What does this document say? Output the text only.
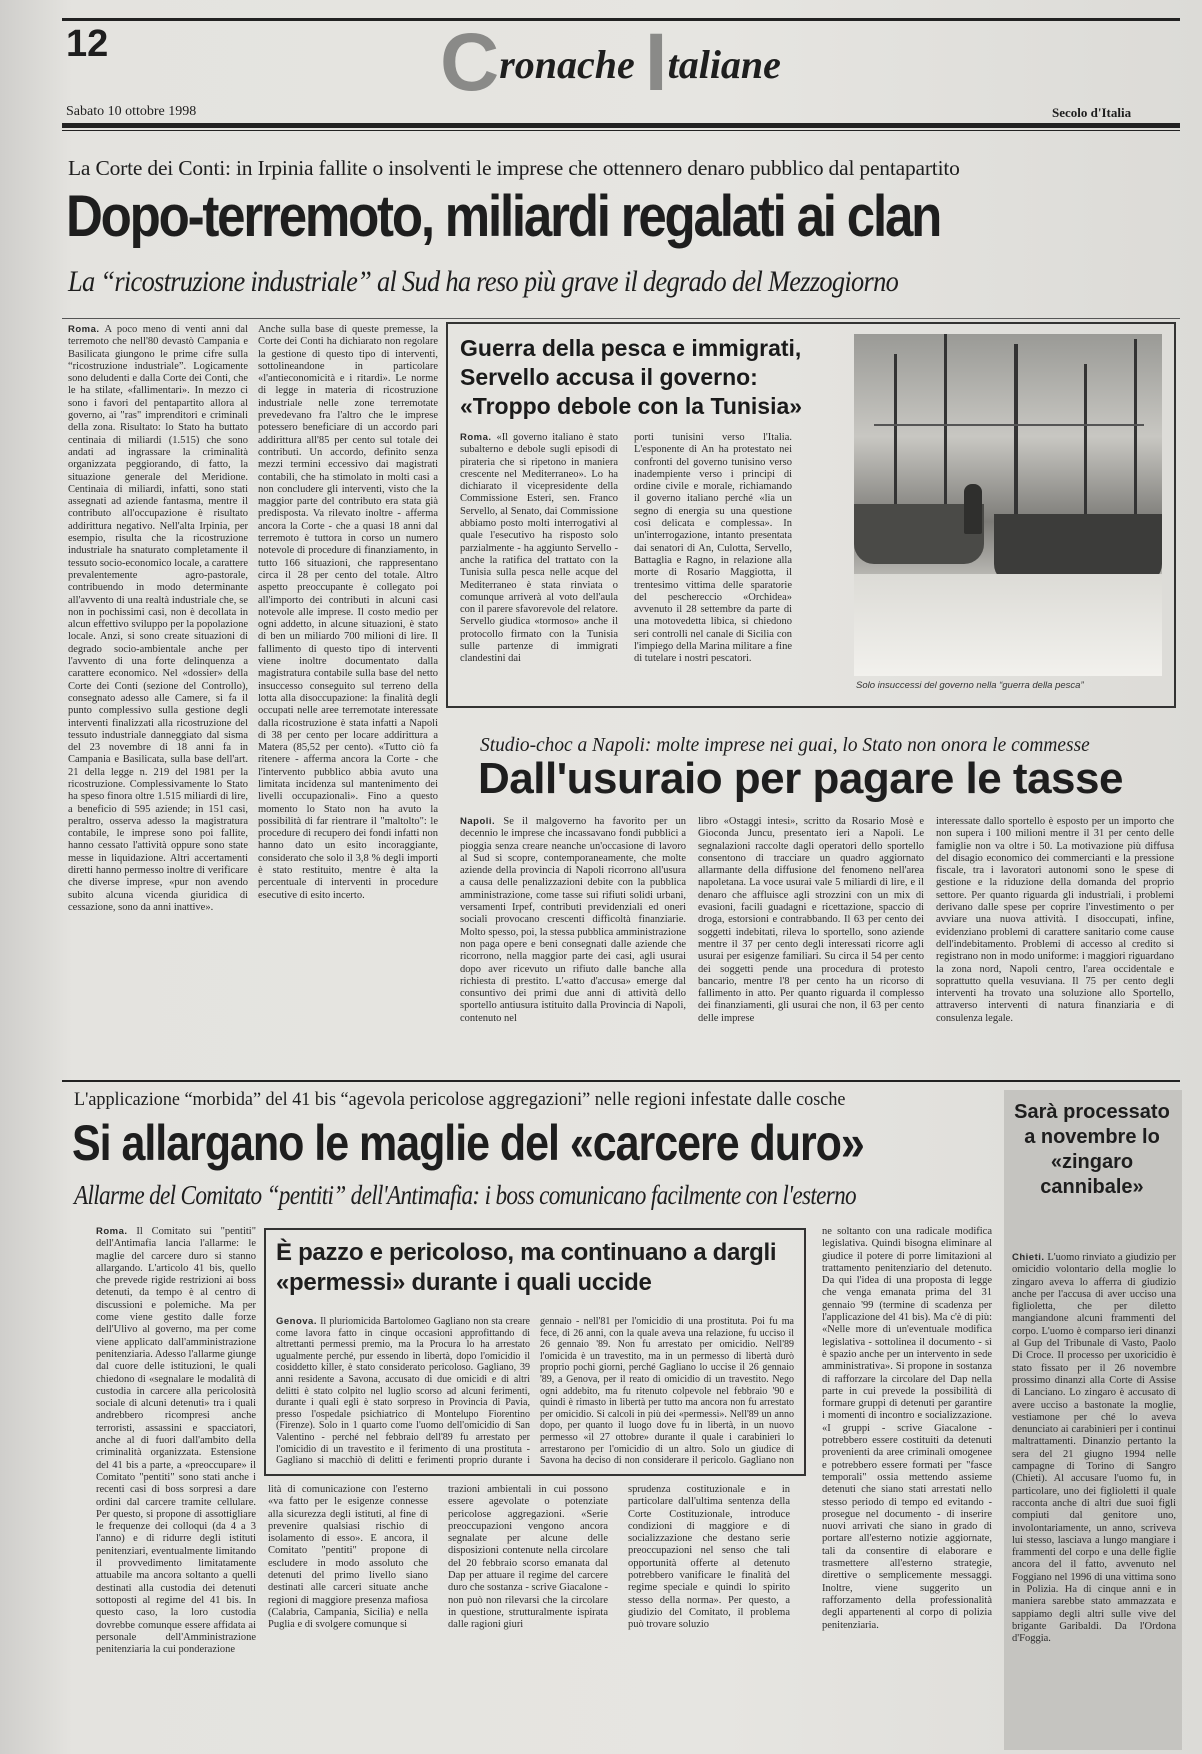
12	Cronache Italiane
Sabato 10 ottobre 1998	Secolo d'Italia
La Corte dei Conti: in Irpinia fallite o insolventi le imprese che ottennero denaro pubblico dal pentapartito
Dopo-terremoto, miliardi regalati ai clan
La “ricostruzione industriale” al Sud ha reso più grave il degrado del Mezzogiorno
Roma. A poco meno di venti anni dal terremoto che nell'80 devastò Campania e Basilicata giungono le prime cifre sulla “ricostruzione industriale”. Logicamente sono deludenti e dalla Corte dei Conti, che le ha stilate, «fallimentari». In mezzo ci sono i favori del pentapartito allora al governo, ai "ras" imprenditori e criminali della zona. Risultato: lo Stato ha buttato centinaia di miliardi (1.515) che sono andati ad ingrassare la criminalità organizzata peggiorando, di fatto, la situazione generale del Meridione. Centinaia di miliardi, infatti, sono stati assegnati ad aziende fantasma, mentre il contributo all'occupazione è risultato addirittura negativo. Nell'alta Irpinia, per esempio, risulta che la ricostruzione industriale ha snaturato completamente il tessuto socio-economico locale, a carattere prevalentemente agro-pastorale, contribuendo in modo determinante all'avvento di una realtà industriale che, se non in pochissimi casi, non è decollata in alcun effettivo sviluppo per la popolazione locale. Anzi, si sono create situazioni di degrado socio-ambientale anche per l'avvento di una forte delinquenza a carattere economico. Nel «dossier» della Corte dei Conti (sezione del Controllo), consegnato adesso alle Camere, si fa il punto complessivo sulla gestione degli interventi finalizzati alla ricostruzione del tessuto industriale danneggiato dal sisma del 23 novembre di 18 anni fa in Campania e Basilicata, sulla base dell'art. 21 della legge n. 219 del 1981 per la ricostruzione. Complessivamente lo Stato ha speso finora oltre 1.515 miliardi di lire, a beneficio di 595 aziende; in 151 casi, peraltro, osserva adesso la magistratura contabile, le imprese sono poi fallite, hanno cessato l'attività oppure sono state messe in liquidazione. Altri accertamenti diretti hanno permesso inoltre di verificare che diverse imprese, «pur non avendo subito alcuna vicenda giuridica di cessazione, sono da anni inattive».
Anche sulla base di queste premesse, la Corte dei Conti ha dichiarato non regolare la gestione di questo tipo di interventi, sottolineandone in particolare «l'antieconomicità e i ritardi». Le norme di legge in materia di ricostruzione industriale nelle zone terremotate prevedevano fra l'altro che le imprese potessero beneficiare di un accordo pari addirittura all'85 per cento sul totale dei contributi. Un accordo, definito senza mezzi termini eccessivo dai magistrati contabili, che ha stimolato in molti casi a non concludere gli interventi, visto che la maggior parte del contributo era stata già predisposta. Va rilevato inoltre - afferma ancora la Corte - che a quasi 18 anni dal terremoto è tuttora in corso un numero notevole di procedure di finanziamento, in tutto 166 situazioni, che rappresentano circa il 28 per cento del totale. Altro aspetto preoccupante è collegato poi all'importo dei contributi in alcuni casi notevole alle imprese. Il costo medio per ogni addetto, in alcune situazioni, è stato di ben un miliardo 700 milioni di lire. Il fallimento di questo tipo di interventi viene inoltre documentato dalla magistratura contabile sulla base del netto insuccesso conseguito sul terreno della lotta alla disoccupazione: la finalità degli occupati nelle aree terremotate interessate dalla ricostruzione è stata infatti a Napoli di 38 per cento per locare addirittura a Matera (85,52 per cento). «Tutto ciò fa ritenere - afferma ancora la Corte - che l'intervento pubblico abbia avuto una limitata incidenza sul mantenimento dei livelli occupazionali». Fino a questo momento lo Stato non ha avuto la possibilità di far rientrare il "maltolto": le procedure di recupero dei fondi infatti non hanno dato un esito incoraggiante, considerato che solo il 3,8 % degli importi è stato restituito, mentre è alta la percentuale di interventi in procedure esecutive di esito incerto.
Guerra della pesca e immigrati, Servello accusa il governo: «Troppo debole con la Tunisia»
Roma. «Il governo italiano è stato subalterno e debole sugli episodi di pirateria che si ripetono in maniera crescente nel Mediterraneo». Lo ha dichiarato il vicepresidente della Commissione Esteri, sen. Franco Servello, al Senato, dai Commissione abbiamo posto molti interrogativi al quale l'esecutivo ha risposto solo parzialmente - ha aggiunto Servello - anche la ratifica del trattato con la Tunisia sulla pesca nelle acque del Mediterraneo è stata rinviata o comunque arriverà al voto dell'aula con il parere sfavorevole del relatore. Servello giudica «tormoso» anche il protocollo firmato con la Tunisia sulle partenze di immigrati clandestini dai
porti tunisini verso l'Italia. L'esponente di An ha protestato nei confronti del governo tunisino verso inadempiente verso i principi di ordine civile e morale, richiamando il governo italiano perché «lia un segno di energia su una questione così delicata e complessa». In un'interrogazione, intanto presentata dai senatori di An, Culotta, Servello, Battaglia e Ragno, in relazione alla morte di Rosario Maggiotta, il trentesimo vittima delle sparatorie del peschereccio «Orchidea» avvenuto il 28 settembre da parte di una motovedetta libica, si chiedono seri controlli nel canale di Sicilia con l'impiego della Marina militare a fine di tutelare i nostri pescatori.
Solo insuccessi del governo nella “guerra della pesca”
Studio-choc a Napoli: molte imprese nei guai, lo Stato non onora le commesse
Dall'usuraio per pagare le tasse
Napoli. Se il malgoverno ha favorito per un decennio le imprese che incassavano fondi pubblici a pioggia senza creare neanche un'occasione di lavoro al Sud si scopre, contemporaneamente, che molte aziende della provincia di Napoli ricorrono all'usura a causa delle penalizzazioni debite con la pubblica amministrazione, come tasse sui rifiuti solidi urbani, versamenti Irpef, contributi previdenziali ed oneri sociali provocano crescenti difficoltà finanziarie. Molto spesso, poi, la stessa pubblica amministrazione non paga opere e beni consegnati dalle aziende che ricorrono, nella maggior parte dei casi, agli usurai dopo aver ricevuto un rifiuto dalle banche alla richiesta di prestito. L'«atto d'accusa» emerge dal consuntivo dei primi due anni di attività dello sportello antiusura istituito dalla Provincia di Napoli, contenuto nel
libro «Ostaggi intesi», scritto da Rosario Mosè e Gioconda Juncu, presentato ieri a Napoli. Le segnalazioni raccolte dagli operatori dello sportello consentono di tracciare un quadro aggiornato allarmante della diffusione del fenomeno nell'area napoletana. La voce usurai vale 5 miliardi di lire, e il denaro che affluisce agli strozzini con un mix di evasioni, facili guadagni e ricettazione, spaccio di droga, estorsioni e contrabbando. Il 63 per cento dei soggetti indebitati, rileva lo sportello, sono aziende mentre il 37 per cento degli interessati ricorre agli usurai per esigenze familiari. Su circa il 54 per cento dei soggetti pende una procedura di protesto bancario, mentre l'8 per cento ha un ricorso di fallimento in atto. Per quanto riguarda il complesso dei finanziamenti, gli usurai che non, il 63 per cento delle imprese
interessate dallo sportello è esposto per un importo che non supera i 100 milioni mentre il 31 per cento delle famiglie non va oltre i 50. La motivazione più diffusa del disagio economico dei commercianti e la pressione fiscale, tra i lavoratori autonomi sono le spese di gestione e la riduzione della domanda del proprio settore. Per quanto riguarda gli industriali, i problemi derivano dalle spese per coprire l'investimento o per avviare una nuova attività. I disoccupati, infine, evidenziano problemi di carattere sanitario come cause dell'indebitamento. Problemi di accesso al credito si registrano non in modo uniforme: i maggiori riguardano la zona nord, Napoli centro, l'area occidentale e soprattutto quella vesuviana. Il 75 per cento degli interventi ha trovato una soluzione allo Sportello, attraverso interventi di natura finanziaria e di consulenza legale.
L'applicazione “morbida” del 41 bis “agevola pericolose aggregazioni” nelle regioni infestate dalle cosche
Si allargano le maglie del «carcere duro»
Allarme del Comitato “pentiti” dell'Antimafia: i boss comunicano facilmente con l'esterno
Roma. Il Comitato sui "pentiti" dell'Antimafia lancia l'allarme: le maglie del carcere duro si stanno allargando. L'articolo 41 bis, quello che prevede rigide restrizioni ai boss detenuti, da tempo è al centro di discussioni e polemiche. Ma per come viene gestito dalle forze dell'Ulivo al governo, ma per come viene applicato dall'amministrazione penitenziaria. Adesso l'allarme giunge dal cuore delle istituzioni, le quali chiedono di «segnalare le modalità di custodia in carcere alla pericolosità sociale di alcuni detenuti» tra i quali andrebbero ricompresi anche terroristi, assassini e spacciatori, anche al di fuori dall'ambito della criminalità organizzata. Estensione del 41 bis a parte, a «preoccupare» il Comitato "pentiti" sono stati anche i recenti casi di boss sorpresi a dare ordini dal carcere tramite cellulare. Per questo, si propone di assottigliare le frequenze dei colloqui (da 4 a 3 l'anno) e di ridurre degli istituti penitenziari, eventualmente limitando il provvedimento limitatamente attuabile ma ancora soltanto a quelli destinati alla custodia dei detenuti sottoposti al regime del 41 bis. In questo caso, la loro custodia dovrebbe comunque essere affidata ai personale dell'Amministrazione penitenziaria la cui ponderazione
È pazzo e pericoloso, ma continuano a dargli «permessi» durante i quali uccide
Genova. Il pluriomicida Bartolomeo Gagliano non sta creare come lavora fatto in cinque occasioni approfittando di altrettanti permessi premio, ma la Procura lo ha arrestato ugualmente perché, pur essendo in libertà, dopo l'omicidio il cosiddetto killer, è stato considerato pericoloso. Gagliano, 39 anni residente a Savona, accusato di due omicidi e di altri delitti è stato colpito nel luglio scorso ad alcuni ferimenti, durante i quali egli è stato sorpreso in Provincia di Pavia, presso l'ospedale psichiatrico di Montelupo Fiorentino (Firenze). Solo in 1 quarto come l'uomo dell'omicidio di San Valentino - perché nel febbraio dell'89 fu arrestato per l'omicidio di un travestito e il ferimento di una prostituta - Gagliano si macchiò di delitti e ferimenti proprio durante i
gennaio - nell'81 per l'omicidio di una prostituta. Poi fu ma fece, di 26 anni, con la quale aveva una relazione, fu ucciso il 26 gennaio '89. Non fu arrestato per omicidio. Nell'89 l'omicida è un travestito, ma in un permesso di libertà durò proprio pochi giorni, perché Gagliano lo uccise il 26 gennaio '89, a Genova, per il reato di omicidio di un travestito. Nego ogni addebito, ma fu ritenuto colpevole nel febbraio '90 e quindi è rimasto in libertà per tutto ma ancora non fu arrestato per omicidio. Si calcoli in più dei «permessi». Nell'89 un anno dopo, per quanto il luogo dove fu in libertà, in un nuovo permesso «il 27 ottobre» durante il quale i carabinieri lo arrestarono per l'omicidio di un altro. Solo un giudice di Savona ha deciso di non considerare il pericolo. Gagliano non
lità di comunicazione con l'esterno «va fatto per le esigenze connesse alla sicurezza degli istituti, al fine di prevenire qualsiasi rischio di isolamento di esso». E ancora, il Comitato "pentiti" propone di escludere in modo assoluto che detenuti del primo livello siano destinati alle carceri situate anche regioni di maggiore presenza mafiosa (Calabria, Campania, Sicilia) e nella Puglia e di svolgere comunque si
trazioni ambientali in cui possono essere agevolate o potenziate pericolose aggregazioni. «Serie preoccupazioni vengono ancora segnalate per alcune delle disposizioni contenute nella circolare del 20 febbraio scorso emanata dal Dap per attuare il regime del carcere duro che sostanza - scrive Giacalone - non può non rilevarsi che la circolare in questione, strutturalmente ispirata dalle ragioni giuri
sprudenza costituzionale e in particolare dall'ultima sentenza della Corte Costituzionale, introduce condizioni di maggiore e di socializzazione che destano serie preoccupazioni nel senso che tali opportunità offerte al detenuto potrebbero vanificare le finalità del regime speciale e quindi lo spirito stesso della norma». Per questo, a giudizio del Comitato, il problema può trovare soluzio
ne soltanto con una radicale modifica legislativa. Quindi bisogna eliminare al giudice il potere di porre limitazioni al trattamento penitenziario del detenuto. Da qui l'idea di una proposta di legge che venga emanata prima del 31 gennaio '99 (termine di scadenza per l'applicazione del 41 bis). Ma c'è di più: «Nelle more di un'eventuale modifica legislativa - sottolinea il documento - sì è spazio anche per un intervento in sede amministrativa». Si propone in sostanza di rafforzare la circolare del Dap nella parte in cui prevede la possibilità di formare gruppi di detenuti per garantire i momenti di incontro e socializzazione. «I gruppi - scrive Giacalone - potrebbero essere costituiti da detenuti provenienti da aree criminali omogenee e potrebbero essere formati per "fasce temporali" ossia mettendo assieme detenuti che siano stati arrestati nello stesso periodo di tempo ed evitando - prosegue nel documento - di inserire nuovi arrivati che siano in grado di portare all'esterno notizie aggiornate, tali da consentire di elaborare e trasmettere all'esterno strategie, direttive o semplicemente messaggi. Inoltre, viene suggerito un rafforzamento della professionalità degli appartenenti al corpo di polizia penitenziaria.
Sarà processato a novembre lo «zingaro cannibale»
Chieti. L'uomo rinviato a giudizio per omicidio volontario della moglie lo zingaro aveva lo afferra di giudizio anche per l'accusa di aver ucciso una figlioletta, che per diletto mangiandone alcuni frammenti del corpo. L'uomo è comparso ieri dinanzi al Gup del Tribunale di Vasto, Paolo Di Croce. Il processo per uxoricidio è stato fissato per il 26 novembre prossimo dinanzi alla Corte di Assise di Lanciano. Lo zingaro è accusato di avere ucciso a bastonate la moglie, vestiamone per ché lo aveva denunciato ai carabinieri per i continui maltrattamenti. Dinanzio pertanto la sera del 21 giugno 1994 nelle campagne di Torino di Sangro (Chieti). Al accusare l'uomo fu, in particolare, uno dei figlioletti il quale racconta anche di altri due suoi figli compiuti dal genitore uno, involontariamente, un anno, scriveva lui stesso, lasciava a lungo mangiare i frammenti del corpo e una delle figlie ancora del il fatto, avvenuto nel Foggiano nel 1996 di una vittima sono in Polizia. Ha di cinque anni e in maniera sarebbe stato ammazzata e sappiamo degli altri sulle vive del brigante Garibaldi. Da l'Ordona d'Foggia.
